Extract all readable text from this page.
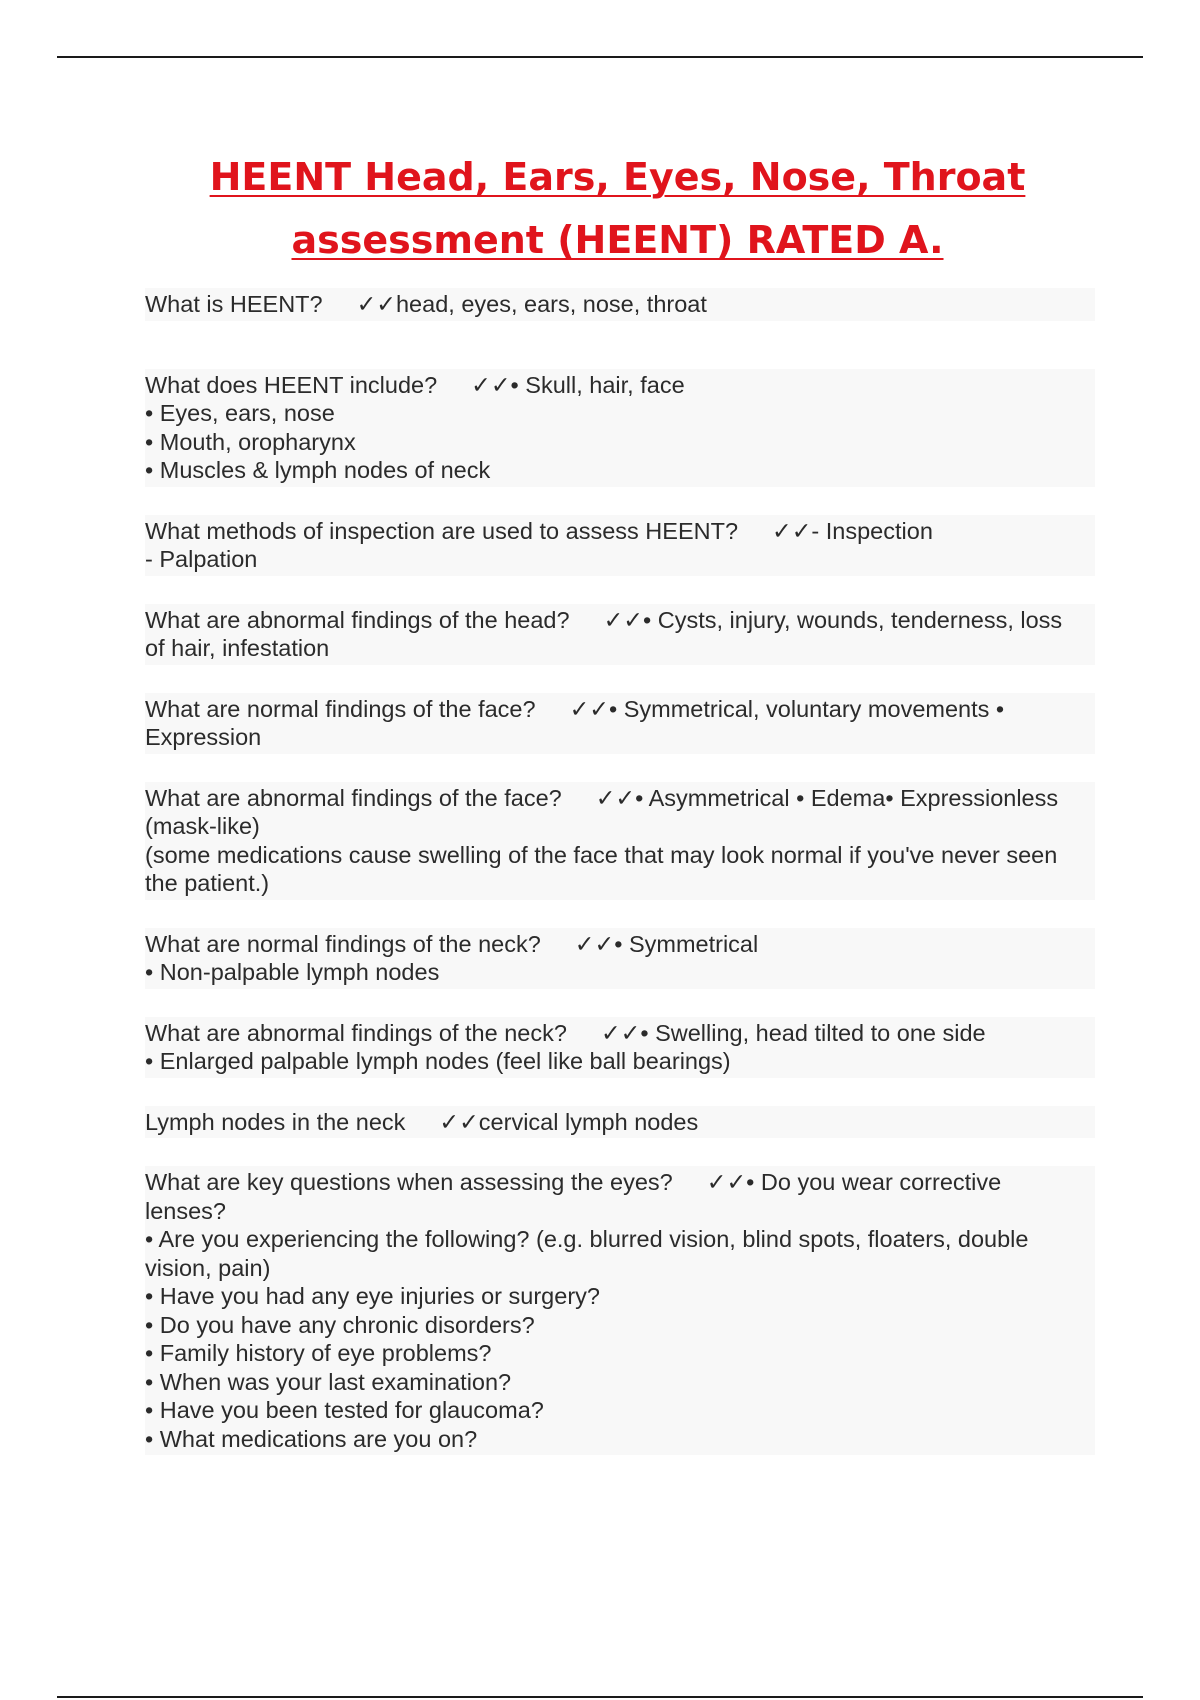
HEENT Head, Ears, Eyes, Nose, Throat
assessment (HEENT) RATED A.

What is HEENT? ✓✓head, eyes, ears, nose, throat

What does HEENT include? ✓✓• Skull, hair, face

• Eyes, ears, nose

• Mouth, oropharynx

• Muscles & lymph nodes of neck

What methods of inspection are used to assess HEENT? ✓✓- Inspection

- Palpation

What are abnormal findings of the head? ✓✓• Cysts, injury, wounds, tenderness, loss

of hair, infestation

What are normal findings of the face? ✓✓• Symmetrical, voluntary movements •

Expression

What are abnormal findings of the face? ✓✓• Asymmetrical • Edema• Expressionless

(mask-like)

(some medications cause swelling of the face that may look normal if you've never seen

the patient.)

What are normal findings of the neck? ✓✓• Symmetrical

• Non-palpable lymph nodes

What are abnormal findings of the neck? ✓✓• Swelling, head tilted to one side

• Enlarged palpable lymph nodes (feel like ball bearings)

Lymph nodes in the neck ✓✓cervical lymph nodes

What are key questions when assessing the eyes? ✓✓• Do you wear corrective

lenses?

• Are you experiencing the following? (e.g. blurred vision, blind spots, floaters, double

vision, pain)

• Have you had any eye injuries or surgery?

• Do you have any chronic disorders?

• Family history of eye problems?

• When was your last examination?

• Have you been tested for glaucoma?

• What medications are you on?
